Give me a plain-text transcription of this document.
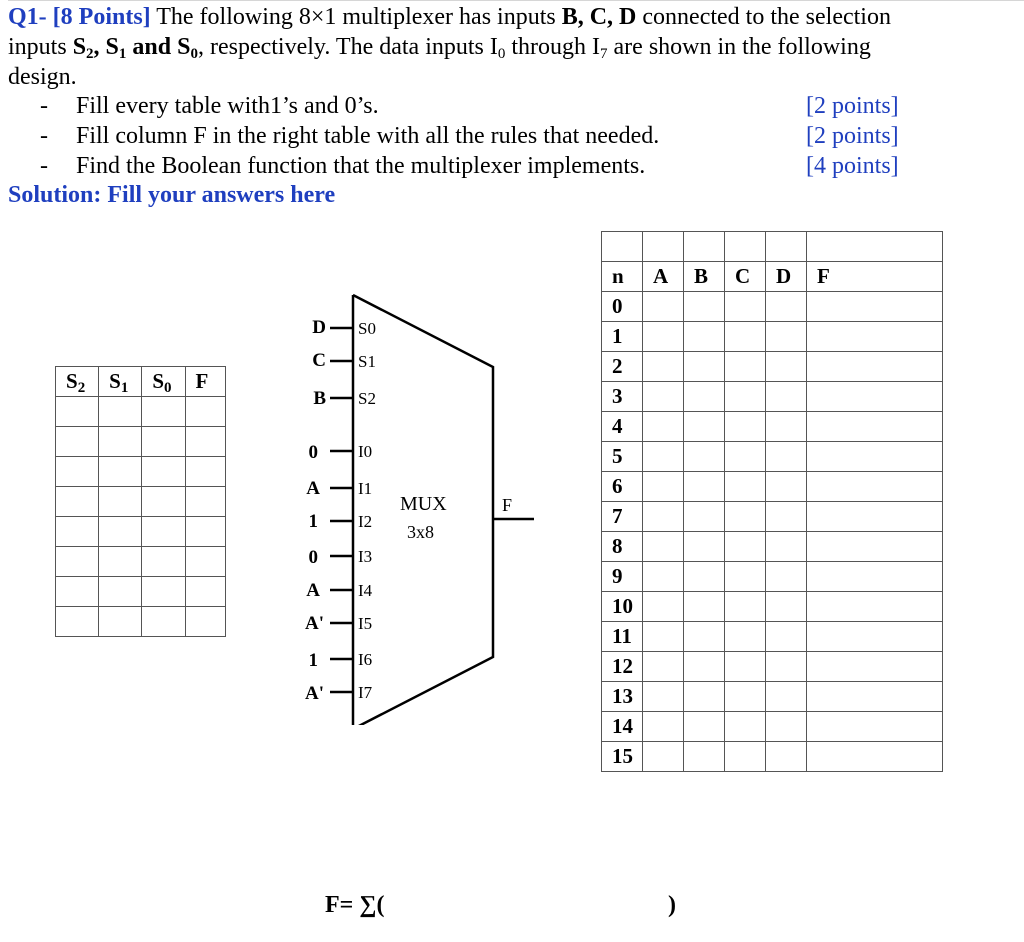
Q1- [8 Points] The following 8×1 multiplexer has inputs B, C, D connected to the selection
inputs $S_2$, $S_1$ and $S_0$, respectively. The data inputs $I_0$ through $I_7$ are shown in the following
design.
- Fill every table with1’s and 0’s.
- Fill column F in the right table with all the rules that needed.
- Find the Boolean function that the multiplexer implements.
[2 points]
[2 points]
[4 points]
Solution: Fill your answers here
$S_2$	$S_1$	$S_0$	F

D
C
B
0
A
1
0
A
A'
1
A'
S0
S1
S2
I0
I1
I2
I3
I4
I5
I6
I7
MUX
3x8
F

n	A	B	C	D	F
0					
1					
2					
3					
4					
5					
6					
7					
8					
9					
10					
11					
12					
13					
14					
15					
F= ∑(	)
